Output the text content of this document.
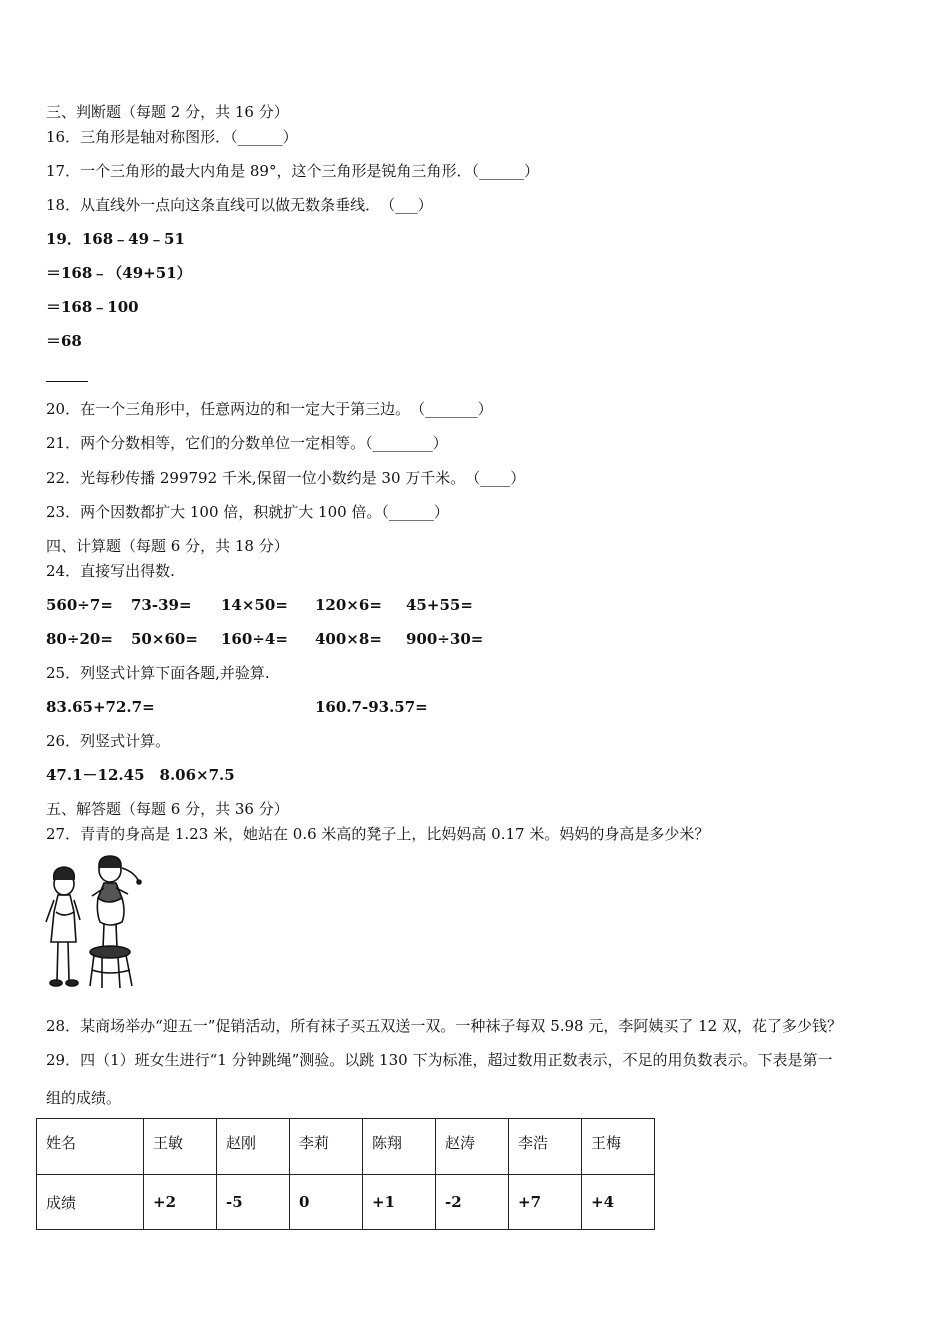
三、判断题（每题 2 分，共 16 分）
16．三角形是轴对称图形．（______）
17．一个三角形的最大内角是 89°，这个三角形是锐角三角形．（______）
18．从直线外一点向这条直线可以做无数条垂线．　（___）
19．168﹣49﹣51
＝168﹣（49+51）
＝168﹣100
＝68
20．在一个三角形中，任意两边的和一定大于第三边。　（_______）
21．两个分数相等，它们的分数单位一定相等。（________）
22．光每秒传播 299792 千米,保留一位小数约是 30 万千米。　（____）
23．两个因数都扩大 100 倍，积就扩大 100 倍。（______）
四、计算题（每题 6 分，共 18 分）
24．直接写出得数.
560÷7= 73-39= 14×50= 120×6= 45+55=
80÷20= 50×60= 160÷4= 400×8= 900÷30=
25．列竖式计算下面各题,并验算.
83.65+72.7=	160.7-93.57=
26．列竖式计算。
47.1－12.45　8.06×7.5
五、解答题（每题 6 分，共 36 分）
27．青青的身高是 1.23 米，她站在 0.6 米高的凳子上，比妈妈高 0.17 米。妈妈的身高是多少米？
28．某商场举办“迎五一”促销活动，所有袜子买五双送一双。一种袜子每双 5.98 元，李阿姨买了 12 双，花了多少钱？
29．四（1）班女生进行“1 分钟跳绳”测验。以跳 130 下为标准，超过数用正数表示，不足的用负数表示。下表是第一
组的成绩。
姓名	王敏	赵刚	李莉	陈翔	赵涛	李浩	王梅
成绩	+2	-5	0	+1	-2	+7	+4
